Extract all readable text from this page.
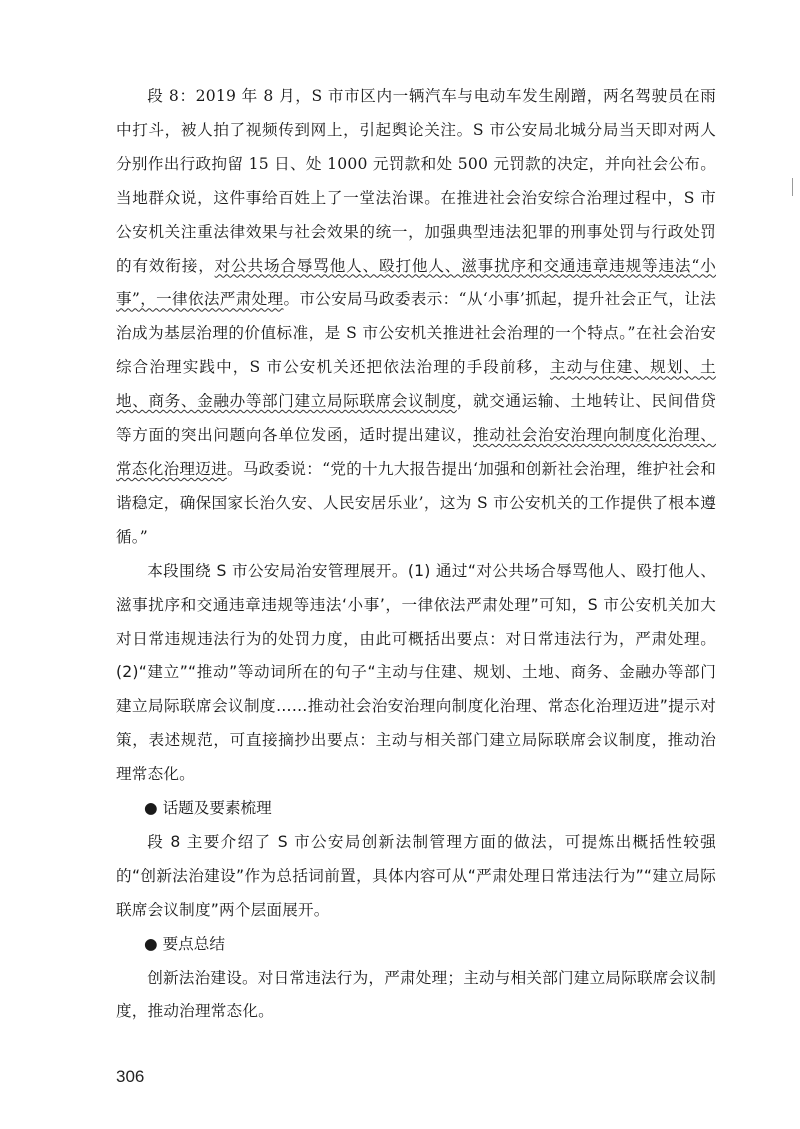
段 8：2019 年 8 月，S 市市区内一辆汽车与电动车发生剐蹭，两名驾驶员在雨中打斗，被人拍了视频传到网上，引起舆论关注。S 市公安局北城分局当天即对两人分别作出行政拘留 15 日、处 1000 元罚款和处 500 元罚款的决定，并向社会公布。当地群众说，这件事给百姓上了一堂法治课。在推进社会治安综合治理过程中，S 市公安机关注重法律效果与社会效果的统一，加强典型违法犯罪的刑事处罚与行政处罚的有效衔接，对公共场合辱骂他人、殴打他人、滋事扰序和交通违章违规等违法“小事”，一律依法严肃处理。市公安局马政委表示：“从‘小事’抓起，提升社会正气，让法治成为基层治理的价值标准，是 S 市公安机关推进社会治理的一个特点。”在社会治安综合治理实践中，S 市公安机关还把依法治理的手段前移，主动与住建、规划、土地、商务、金融办等部门建立局际联席会议制度，就交通运输、土地转让、民间借贷等方面的突出问题向各单位发函，适时提出建议，推动社会治安治理向制度化治理、常态化治理迈进。马政委说：“党的十九大报告提出‘加强和创新社会治理，维护社会和谐稳定，确保国家长治久安、人民安居乐业’，这为 S 市公安机关的工作提供了根本遵循。”

本段围绕 S 市公安局治安管理展开。(1) 通过“对公共场合辱骂他人、殴打他人、滋事扰序和交通违章违规等违法‘小事’，一律依法严肃处理”可知，S 市公安机关加大对日常违规违法行为的处罚力度，由此可概括出要点：对日常违法行为，严肃处理。(2)“建立”“推动”等动词所在的句子“主动与住建、规划、土地、商务、金融办等部门建立局际联席会议制度……推动社会治安治理向制度化治理、常态化治理迈进”提示对策，表述规范，可直接摘抄出要点：主动与相关部门建立局际联席会议制度，推动治理常态化。

● 话题及要素梳理

段 8 主要介绍了 S 市公安局创新法制管理方面的做法，可提炼出概括性较强的“创新法治建设”作为总括词前置，具体内容可从“严肃处理日常违法行为”“建立局际联席会议制度”两个层面展开。

● 要点总结

创新法治建设。对日常违法行为，严肃处理；主动与相关部门建立局际联席会议制度，推动治理常态化。

306
